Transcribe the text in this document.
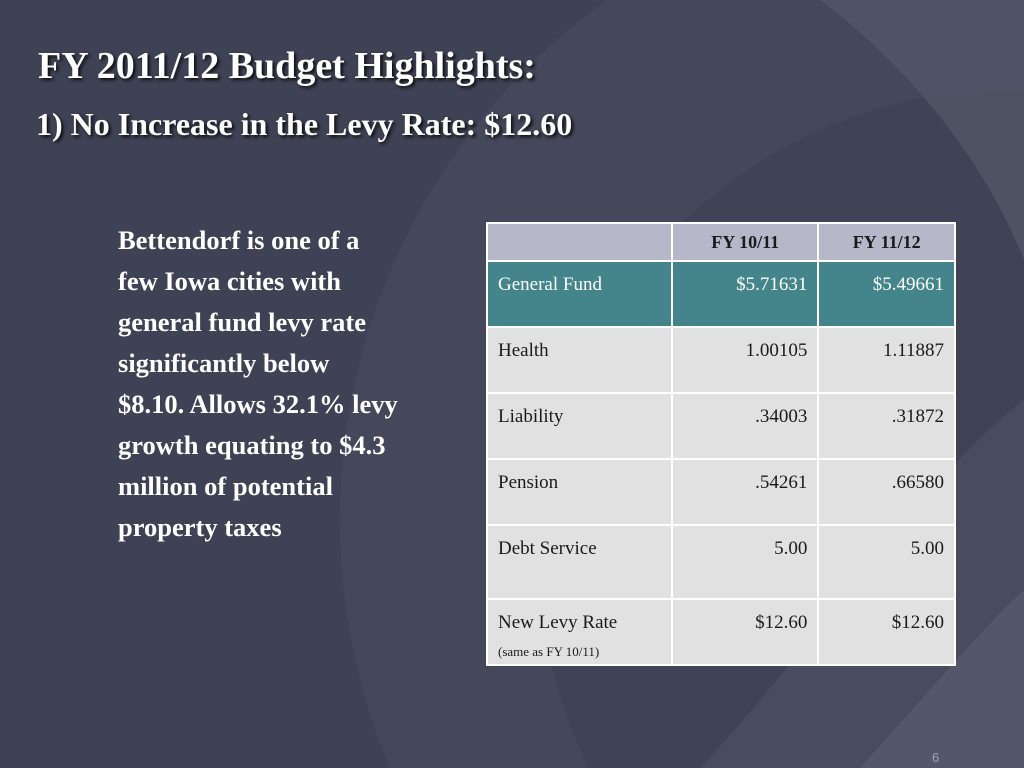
FY 2011/12 Budget Highlights:
1) No Increase in the Levy Rate: $12.60

Bettendorf is one of a
few Iowa cities with
general fund levy rate
significantly below
$8.10. Allows 32.1% levy
growth equating to $4.3
million of potential
property taxes

	FY 10/11	FY 11/12
General Fund	$5.71631	$5.49661
Health	1.00105	1.11887
Liability	.34003	.31872
Pension	.54261	.66580
Debt Service	5.00	5.00
New Levy Rate
(same as FY 10/11)	$12.60	$12.60
6
